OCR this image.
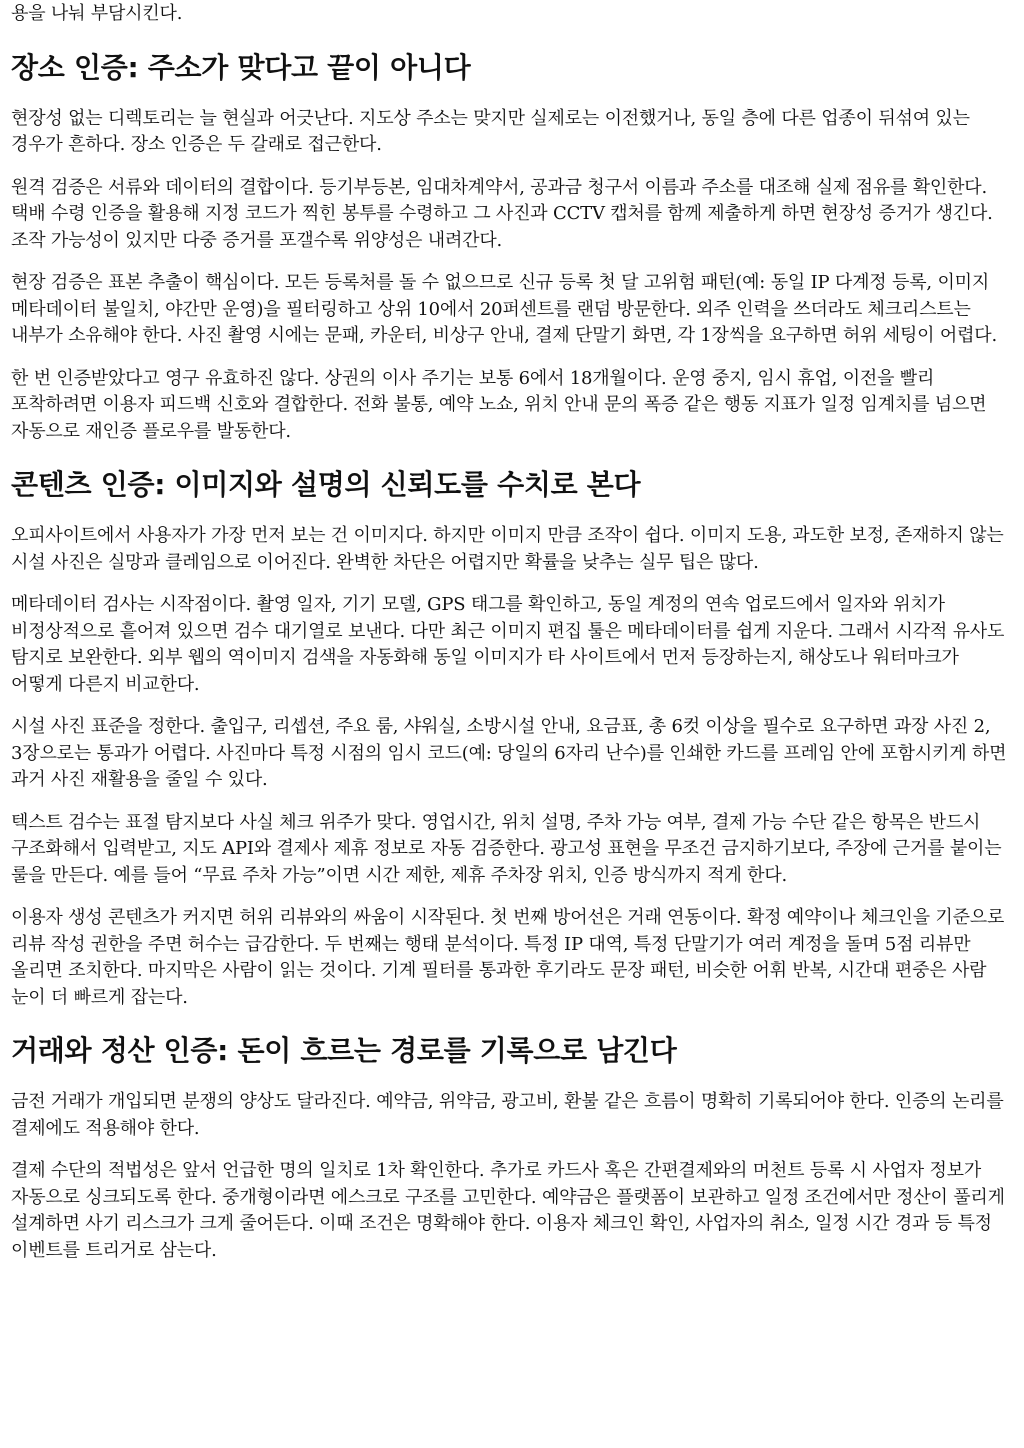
용을 나눠 부담시킨다.

장소 인증: 주소가 맞다고 끝이 아니다

현장성 없는 디렉토리는 늘 현실과 어긋난다. 지도상 주소는 맞지만 실제로는 이전했거나, 동일 층에 다른 업종이 뒤섞여 있는 경우가 흔하다. 장소 인증은 두 갈래로 접근한다.

원격 검증은 서류와 데이터의 결합이다. 등기부등본, 임대차계약서, 공과금 청구서 이름과 주소를 대조해 실제 점유를 확인한다. 택배 수령 인증을 활용해 지정 코드가 찍힌 봉투를 수령하고 그 사진과 CCTV 캡처를 함께 제출하게 하면 현장성 증거가 생긴다. 조작 가능성이 있지만 다중 증거를 포갤수록 위양성은 내려간다.

현장 검증은 표본 추출이 핵심이다. 모든 등록처를 돌 수 없으므로 신규 등록 첫 달 고위험 패턴(예: 동일 IP 다계정 등록, 이미지 메타데이터 불일치, 야간만 운영)을 필터링하고 상위 10에서 20퍼센트를 랜덤 방문한다. 외주 인력을 쓰더라도 체크리스트는 내부가 소유해야 한다. 사진 촬영 시에는 문패, 카운터, 비상구 안내, 결제 단말기 화면, 각 1장씩을 요구하면 허위 세팅이 어렵다.

한 번 인증받았다고 영구 유효하진 않다. 상권의 이사 주기는 보통 6에서 18개월이다. 운영 중지, 임시 휴업, 이전을 빨리 포착하려면 이용자 피드백 신호와 결합한다. 전화 불통, 예약 노쇼, 위치 안내 문의 폭증 같은 행동 지표가 일정 임계치를 넘으면 자동으로 재인증 플로우를 발동한다.

콘텐츠 인증: 이미지와 설명의 신뢰도를 수치로 본다

오피사이트에서 사용자가 가장 먼저 보는 건 이미지다. 하지만 이미지 만큼 조작이 쉽다. 이미지 도용, 과도한 보정, 존재하지 않는 시설 사진은 실망과 클레임으로 이어진다. 완벽한 차단은 어렵지만 확률을 낮추는 실무 팁은 많다.

메타데이터 검사는 시작점이다. 촬영 일자, 기기 모델, GPS 태그를 확인하고, 동일 계정의 연속 업로드에서 일자와 위치가 비정상적으로 흩어져 있으면 검수 대기열로 보낸다. 다만 최근 이미지 편집 툴은 메타데이터를 쉽게 지운다. 그래서 시각적 유사도 탐지로 보완한다. 외부 웹의 역이미지 검색을 자동화해 동일 이미지가 타 사이트에서 먼저 등장하는지, 해상도나 워터마크가 어떻게 다른지 비교한다.

시설 사진 표준을 정한다. 출입구, 리셉션, 주요 룸, 샤워실, 소방시설 안내, 요금표, 총 6컷 이상을 필수로 요구하면 과장 사진 2, 3장으로는 통과가 어렵다. 사진마다 특정 시점의 임시 코드(예: 당일의 6자리 난수)를 인쇄한 카드를 프레임 안에 포함시키게 하면 과거 사진 재활용을 줄일 수 있다.

텍스트 검수는 표절 탐지보다 사실 체크 위주가 맞다. 영업시간, 위치 설명, 주차 가능 여부, 결제 가능 수단 같은 항목은 반드시 구조화해서 입력받고, 지도 API와 결제사 제휴 정보로 자동 검증한다. 광고성 표현을 무조건 금지하기보다, 주장에 근거를 붙이는 룰을 만든다. 예를 들어 “무료 주차 가능”이면 시간 제한, 제휴 주차장 위치, 인증 방식까지 적게 한다.

이용자 생성 콘텐츠가 커지면 허위 리뷰와의 싸움이 시작된다. 첫 번째 방어선은 거래 연동이다. 확정 예약이나 체크인을 기준으로 리뷰 작성 권한을 주면 허수는 급감한다. 두 번째는 행태 분석이다. 특정 IP 대역, 특정 단말기가 여러 계정을 돌며 5점 리뷰만 올리면 조치한다. 마지막은 사람이 읽는 것이다. 기계 필터를 통과한 후기라도 문장 패턴, 비슷한 어휘 반복, 시간대 편중은 사람 눈이 더 빠르게 잡는다.

거래와 정산 인증: 돈이 흐르는 경로를 기록으로 남긴다

금전 거래가 개입되면 분쟁의 양상도 달라진다. 예약금, 위약금, 광고비, 환불 같은 흐름이 명확히 기록되어야 한다. 인증의 논리를 결제에도 적용해야 한다.

결제 수단의 적법성은 앞서 언급한 명의 일치로 1차 확인한다. 추가로 카드사 혹은 간편결제와의 머천트 등록 시 사업자 정보가 자동으로 싱크되도록 한다. 중개형이라면 에스크로 구조를 고민한다. 예약금은 플랫폼이 보관하고 일정 조건에서만 정산이 풀리게 설계하면 사기 리스크가 크게 줄어든다. 이때 조건은 명확해야 한다. 이용자 체크인 확인, 사업자의 취소, 일정 시간 경과 등 특정 이벤트를 트리거로 삼는다.
